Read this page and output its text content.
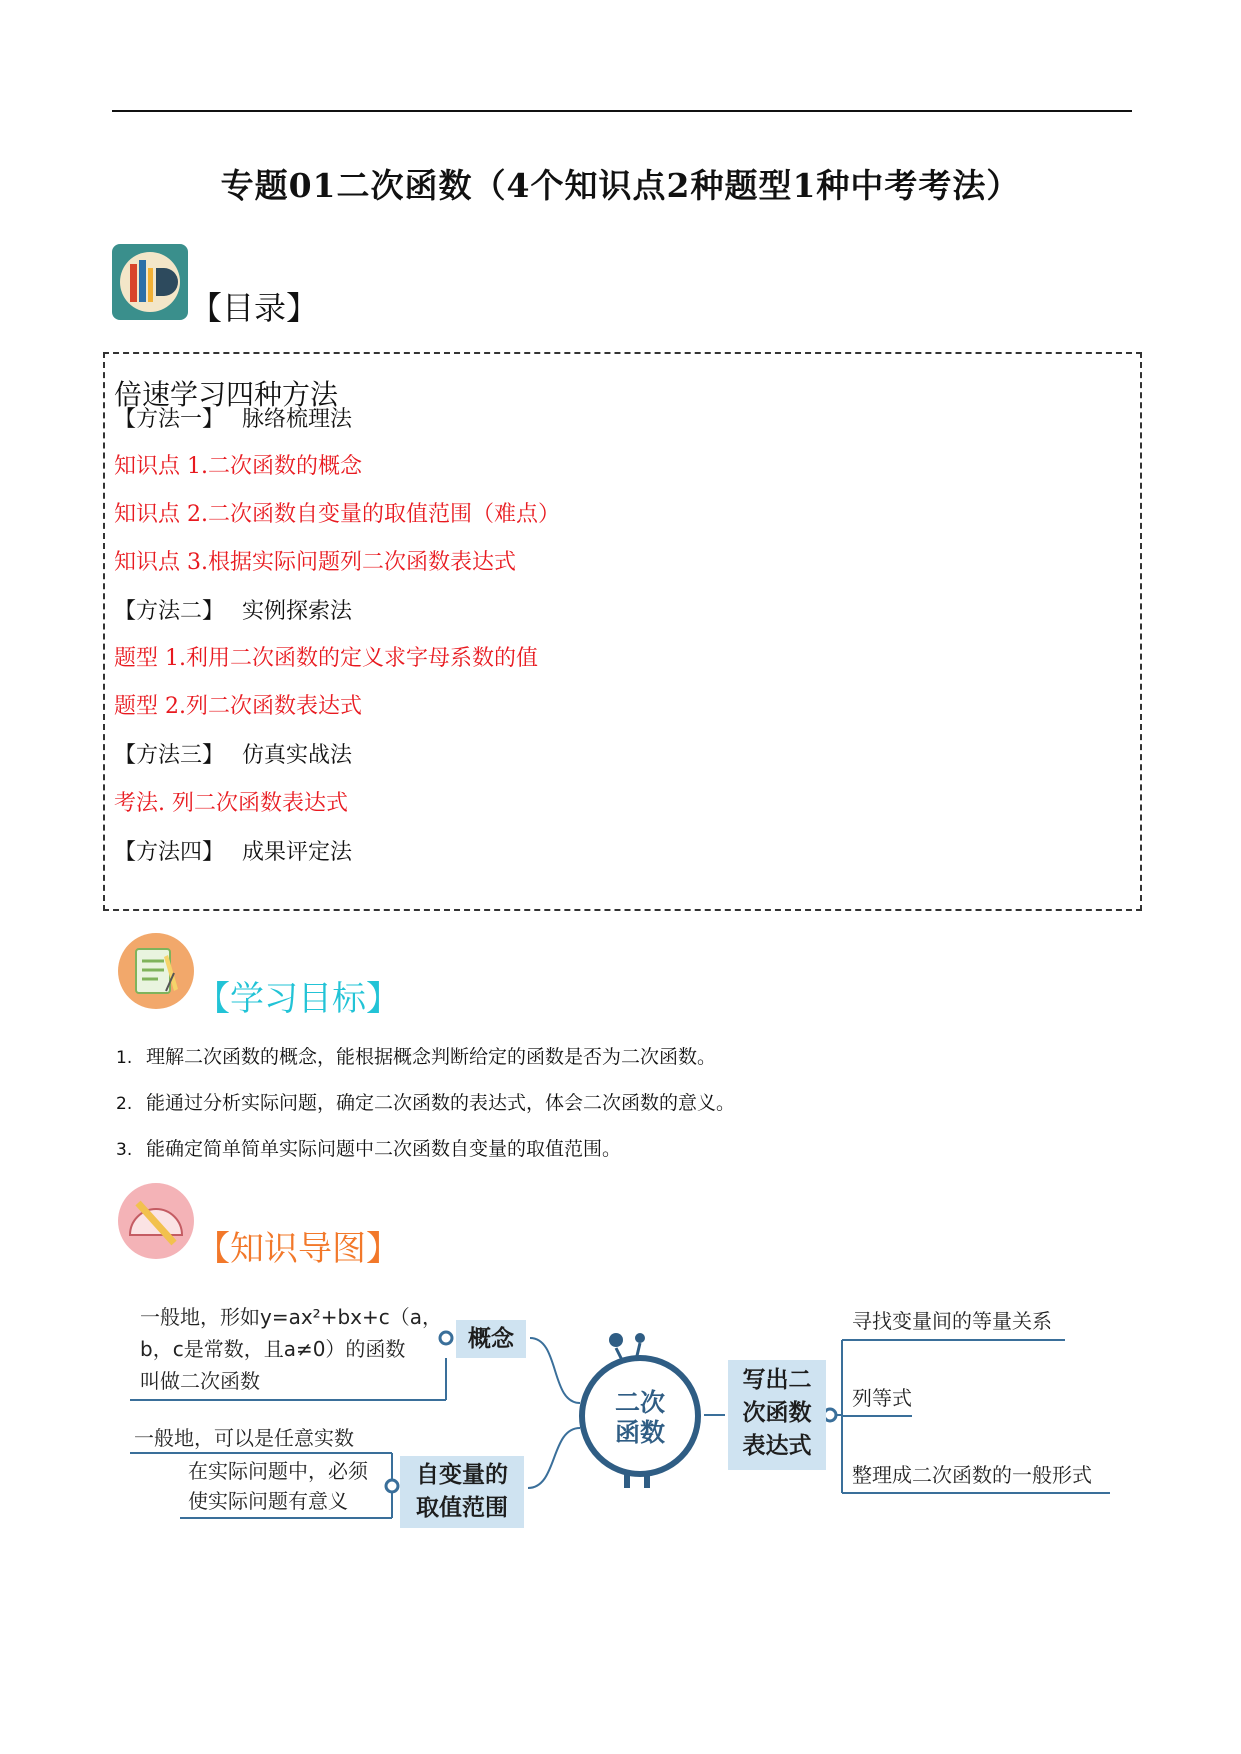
专题01二次函数（4个知识点2种题型1种中考考法）
【目录】
倍速学习四种方法
【方法一】 脉络梳理法
知识点 1.二次函数的概念
知识点 2.二次函数自变量的取值范围（难点）
知识点 3.根据实际问题列二次函数表达式
【方法二】 实例探索法
题型 1.利用二次函数的定义求字母系数的值
题型 2.列二次函数表达式
【方法三】 仿真实战法
考法. 列二次函数表达式
【方法四】 成果评定法
【学习目标】
1. 理解二次函数的概念，能根据概念判断给定的函数是否为二次函数。
2. 能通过分析实际问题，确定二次函数的表达式，体会二次函数的意义。
3. 能确定简单简单实际问题中二次函数自变量的取值范围。
【知识导图】
一般地，形如y=ax²+bx+c（a，
b，c是常数，且a≠0）的函数
叫做二次函数
概念
一般地，可以是任意实数
在实际问题中，必须
使实际问题有意义
自变量的
取值范围
二次函数
写出二
次函数
表达式
寻找变量间的等量关系
列等式
整理成二次函数的一般形式
